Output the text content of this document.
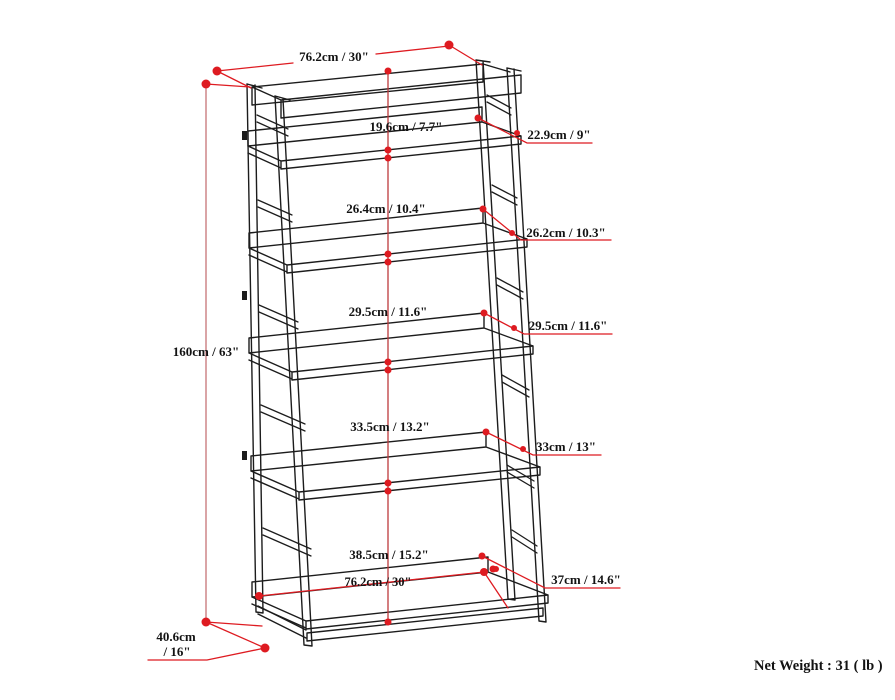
76.2cm / 30"
160cm / 63"
19.6cm / 7.7"
26.4cm / 10.4"
29.5cm / 11.6"
33.5cm / 13.2"
38.5cm / 15.2"
76.2cm / 30"
22.9cm / 9"
26.2cm / 10.3"
29.5cm / 11.6"
33cm / 13"
37cm / 14.6"
40.6cm
/ 16"
Net Weight : 31 ( lb )
